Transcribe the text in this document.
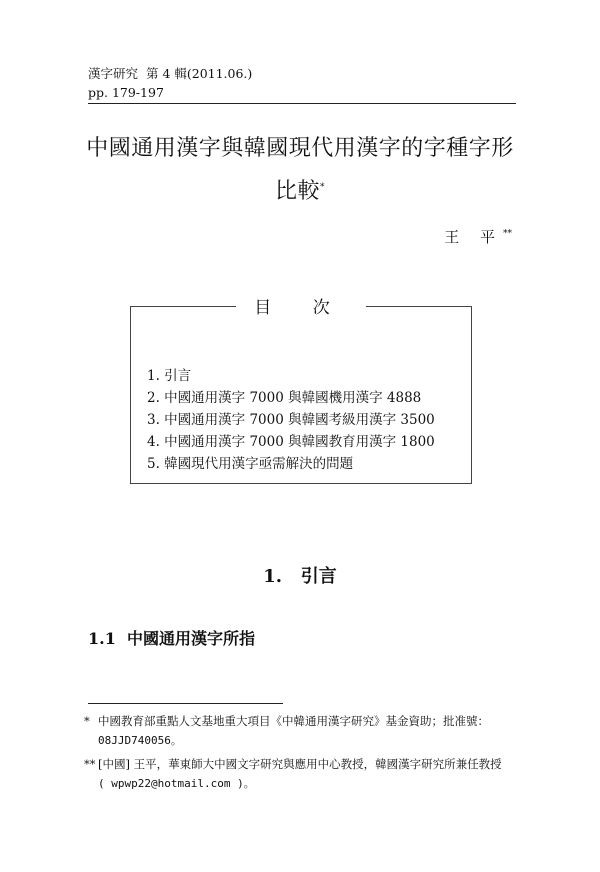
漢字研究 第 4 輯(2011.06.)
pp. 179-197
中國通用漢字與韓國現代用漢字的字種字形
比較*
王 平**
目 次
1. 引言
2. 中國通用漢字 7000 與韓國機用漢字 4888
3. 中國通用漢字 7000 與韓國考級用漢字 3500
4. 中國通用漢字 7000 與韓國教育用漢字 1800
5. 韓國現代用漢字亟需解決的問題
1. 引言
1.1 中國通用漢字所指

* 中國教育部重點人文基地重大項目《中韓通用漢字研究》基金資助；批准號：
08JJD740056。

** [中國] 王平，華東師大中國文字研究與應用中心教授，韓國漢字研究所兼任教授
( wpwp22@hotmail.com )。
